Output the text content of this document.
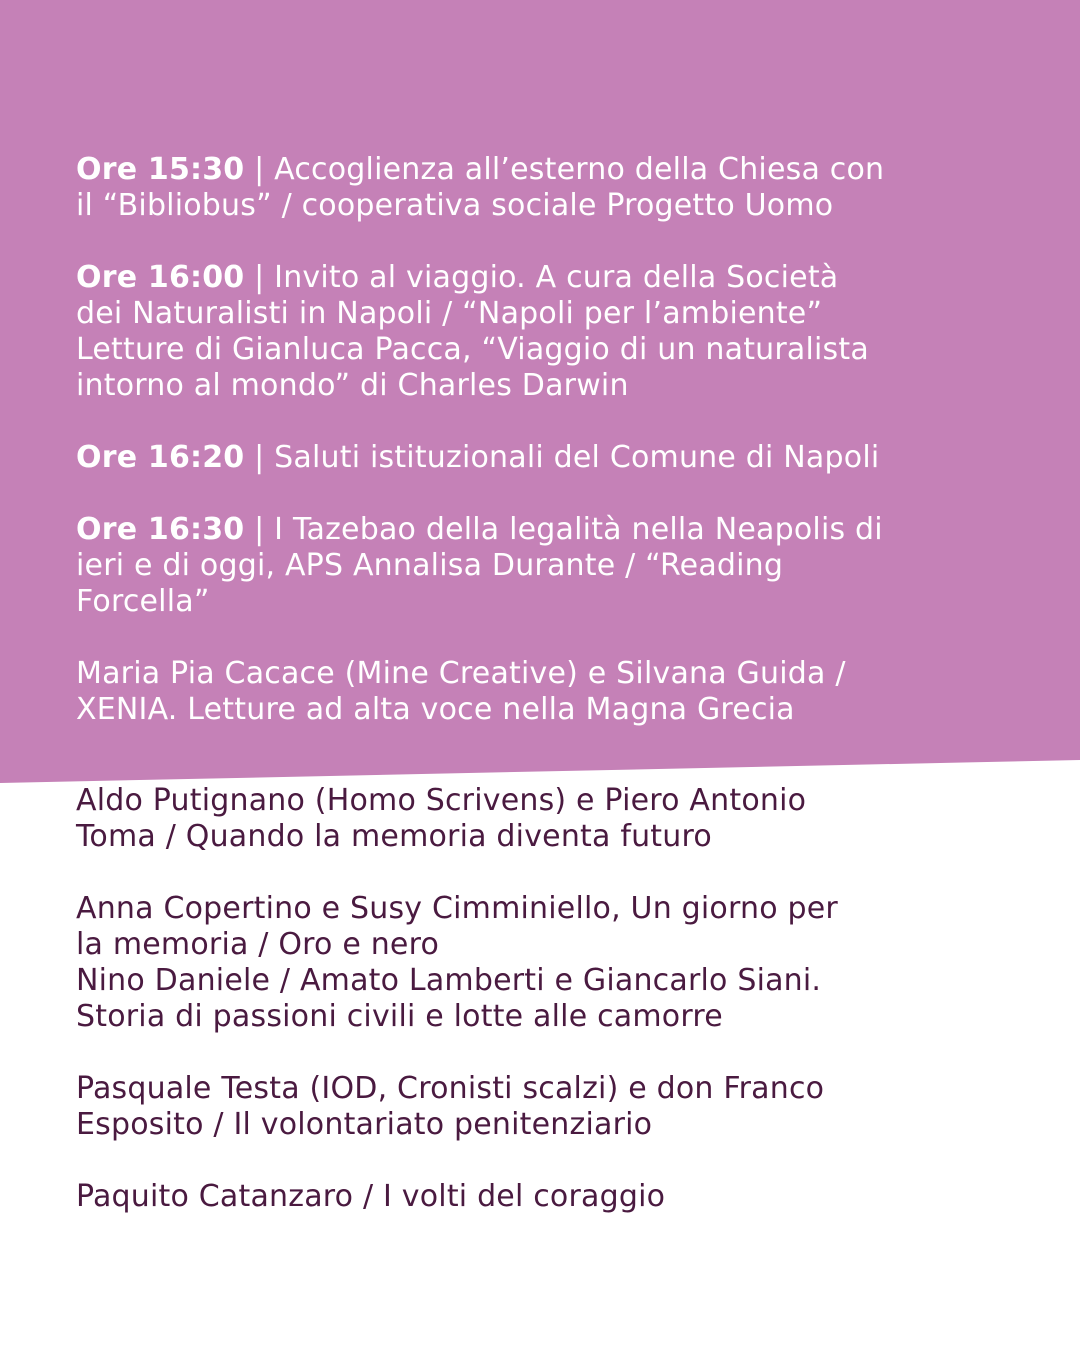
Ore 15:30 | Accoglienza all’esterno della Chiesa con
il “Bibliobus” / cooperativa sociale Progetto Uomo

Ore 16:00 | Invito al viaggio. A cura della Società
dei Naturalisti in Napoli / “Napoli per l’ambiente”
Letture di Gianluca Pacca, “Viaggio di un naturalista
intorno al mondo” di Charles Darwin

Ore 16:20 | Saluti istituzionali del Comune di Napoli

Ore 16:30 | I Tazebao della legalità nella Neapolis di
ieri e di oggi, APS Annalisa Durante / “Reading
Forcella”

Maria Pia Cacace (Mine Creative) e Silvana Guida /
XENIA. Letture ad alta voce nella Magna Grecia

Aldo Putignano (Homo Scrivens) e Piero Antonio
Toma / Quando la memoria diventa futuro

Anna Copertino e Susy Cimminiello, Un giorno per
la memoria / Oro e nero
Nino Daniele / Amato Lamberti e Giancarlo Siani.
Storia di passioni civili e lotte alle camorre

Pasquale Testa (IOD, Cronisti scalzi) e don Franco
Esposito / Il volontariato penitenziario

Paquito Catanzaro / I volti del coraggio
